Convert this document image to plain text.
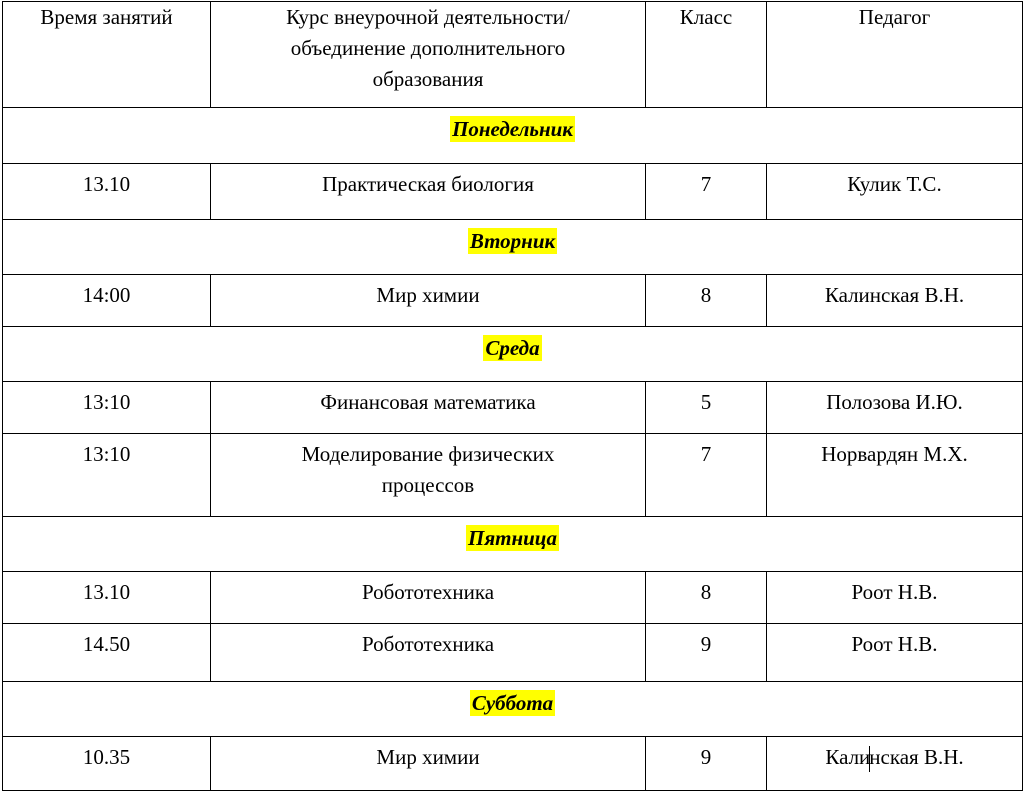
Время занятий	Курс внеурочной деятельности/ объединение дополнительного образования	Класс	Педагог
Понедельник			
13.10	Практическая биология	7	Кулик Т.С.
Вторник			
14:00	Мир химии	8	Калинская В.Н.
Среда			
13:10	Финансовая математика	5	Полозова И.Ю.
13:10	Моделирование физических процессов	7	Норвардян М.Х.
Пятница			
13.10	Робототехника	8	Роот Н.В.
14.50	Робототехника	9	Роот Н.В.
Суббота			
10.35	Мир химии	9	Калинская В.Н.
